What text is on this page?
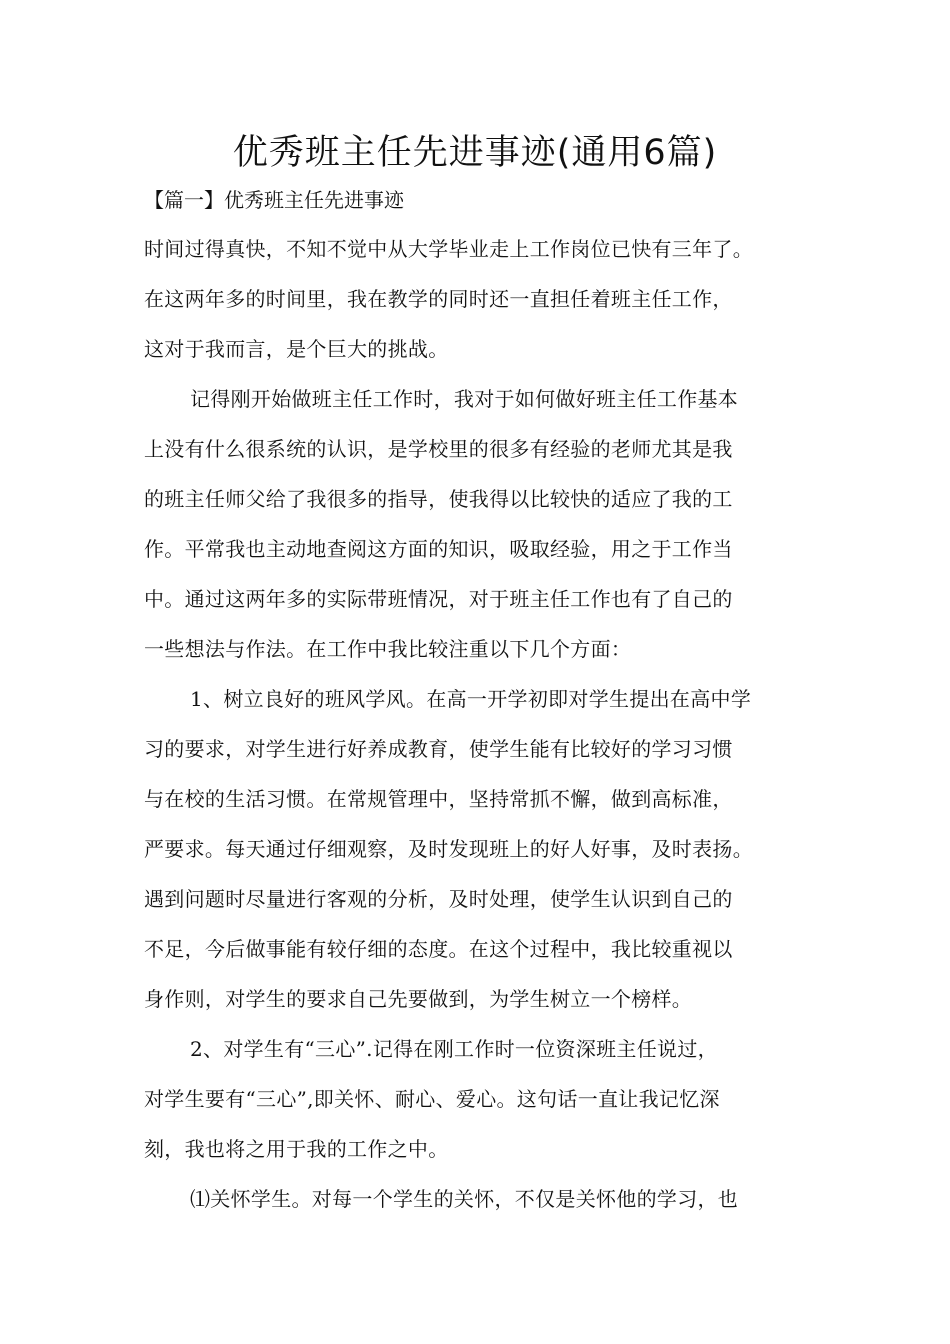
优秀班主任先进事迹(通用6篇)
【篇一】优秀班主任先进事迹
时间过得真快，不知不觉中从大学毕业走上工作岗位已快有三年了。
在这两年多的时间里，我在教学的同时还一直担任着班主任工作，
这对于我而言，是个巨大的挑战。
记得刚开始做班主任工作时，我对于如何做好班主任工作基本
上没有什么很系统的认识，是学校里的很多有经验的老师尤其是我
的班主任师父给了我很多的指导，使我得以比较快的适应了我的工
作。平常我也主动地查阅这方面的知识，吸取经验，用之于工作当
中。通过这两年多的实际带班情况，对于班主任工作也有了自己的
一些想法与作法。在工作中我比较注重以下几个方面：
1、树立良好的班风学风。在高一开学初即对学生提出在高中学
习的要求，对学生进行好养成教育，使学生能有比较好的学习习惯
与在校的生活习惯。在常规管理中，坚持常抓不懈，做到高标准，
严要求。每天通过仔细观察，及时发现班上的好人好事，及时表扬。
遇到问题时尽量进行客观的分析，及时处理，使学生认识到自己的
不足，今后做事能有较仔细的态度。在这个过程中，我比较重视以
身作则，对学生的要求自己先要做到，为学生树立一个榜样。
2、对学生有“三心”.记得在刚工作时一位资深班主任说过，
对学生要有“三心”,即关怀、耐心、爱心。这句话一直让我记忆深
刻，我也将之用于我的工作之中。
⑴关怀学生。对每一个学生的关怀，不仅是关怀他的学习，也
